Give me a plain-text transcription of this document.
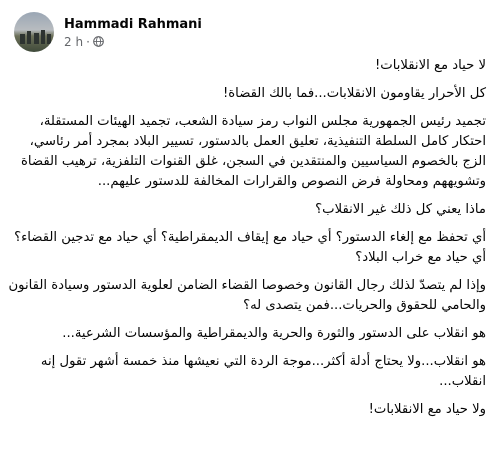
Hammadi Rahmani
2 h ·

لا حياد مع الانقلابات!

كل الأحرار يقاومون الانقلابات...فما بالك القضاة!

تجميد رئيس الجمهورية مجلس النواب رمز سيادة الشعب، تجميد الهيئات المستقلة، احتكار كامل السلطة التنفيذية، تعليق العمل بالدستور، تسيير البلاد بمجرد أمر رئاسي، الزج بالخصوم السياسيين والمنتقدين في السجن، غلق القنوات التلفزية، ترهيب القضاة وتشويههم ومحاولة فرض النصوص والقرارات المخالفة للدستور عليهم...

ماذا يعني كل ذلك غير الانقلاب؟

أي تحفظ مع إلغاء الدستور؟ أي حياد مع إيقاف الديمقراطية؟ أي حياد مع تدجين القضاء؟ أي حياد مع خراب البلاد؟

وإذا لم يتصدّ لذلك رجال القانون وخصوصا القضاء الضامن لعلوية الدستور وسيادة القانون والحامي للحقوق والحريات...فمن يتصدى له؟

هو انقلاب على الدستور والثورة والحرية والديمقراطية والمؤسسات الشرعية...

هو انقلاب...ولا يحتاج أدلة أكثر...موجة الردة التي نعيشها منذ خمسة أشهر تقول إنه انقلاب...

ولا حياد مع الانقلابات!
